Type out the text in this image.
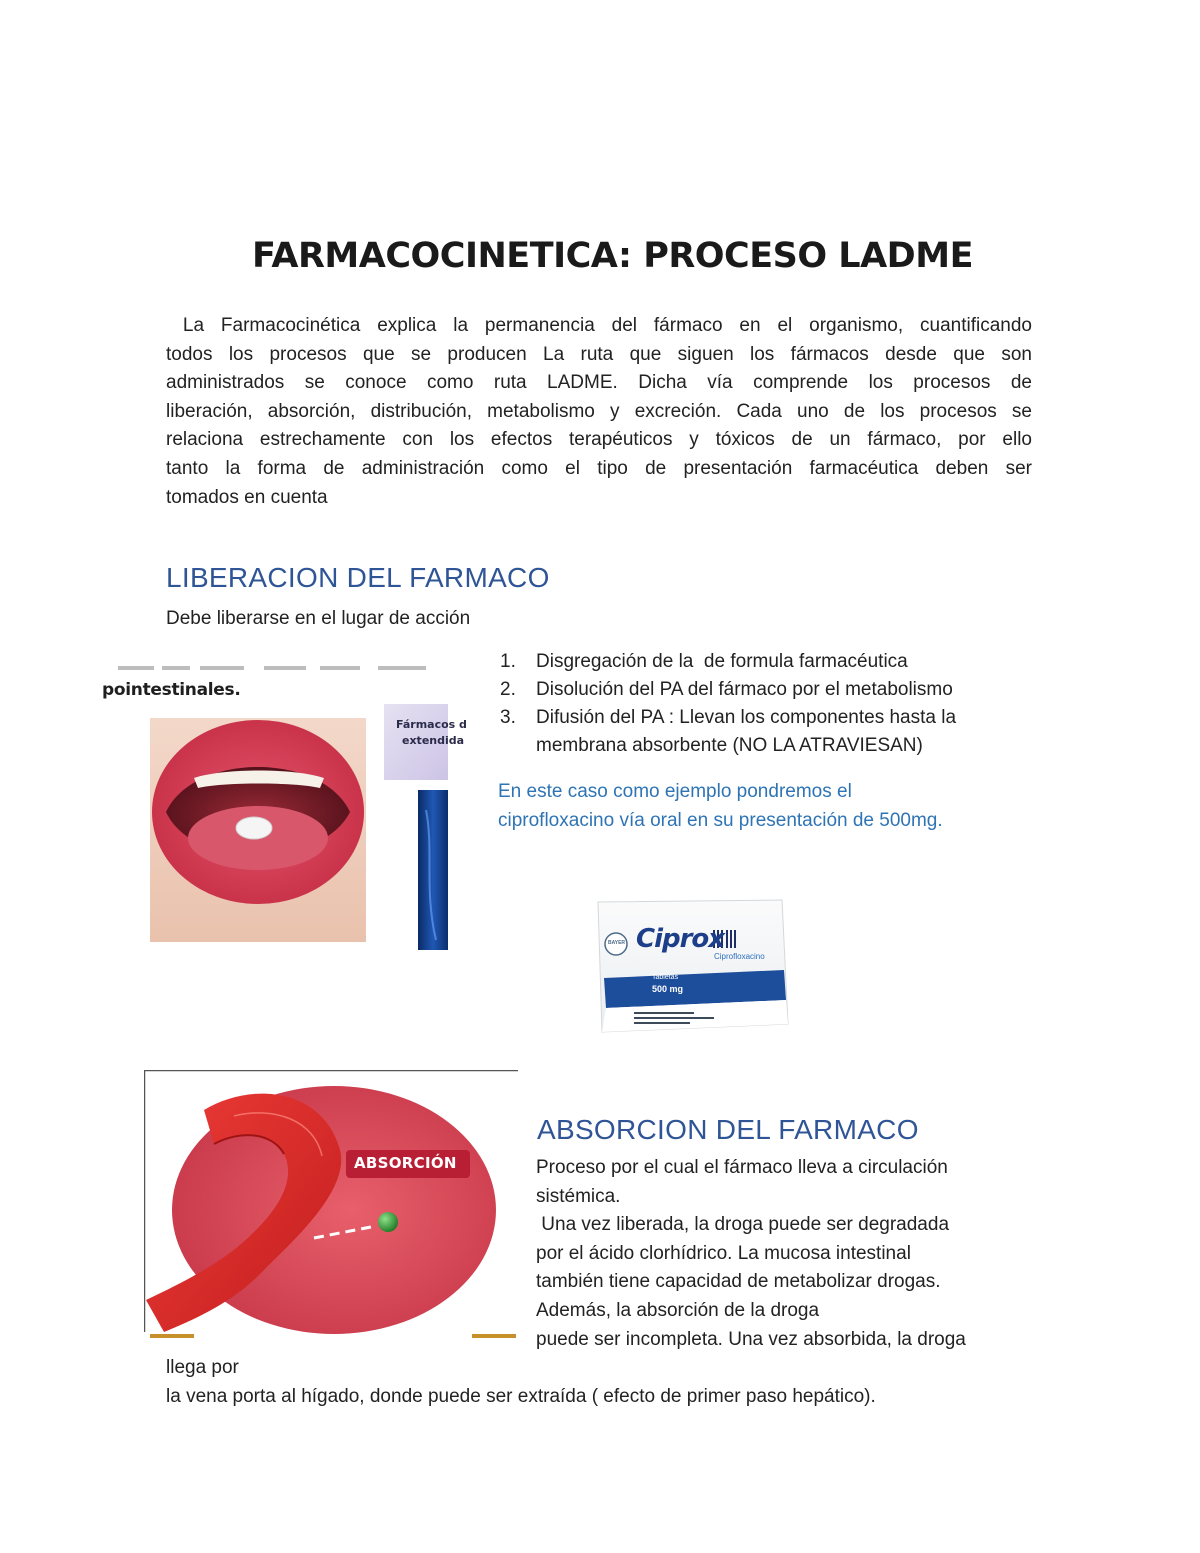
FARMACOCINETICA: PROCESO LADME
La Farmacocinética explica la permanencia del fármaco en el organismo, cuantificando
todos los procesos que se producen La ruta que siguen los fármacos desde que son
administrados se conoce como ruta LADME. Dicha vía comprende los procesos de
liberación, absorción, distribución, metabolismo y excreción. Cada uno de los procesos se
relaciona estrechamente con los efectos terapéuticos y tóxicos de un fármaco, por ello
tanto la forma de administración como el tipo de presentación farmacéutica deben ser
tomados en cuenta
LIBERACION DEL FARMACO

Debe liberarse en el lugar de acción

pointestinales.
Fármacos d
extendida
1. Disgregación de la  de formula farmacéutica
2. Disolución del PA del fármaco por el metabolismo
3. Difusión del PA : Llevan los componentes hasta la
membrana absorbente (NO LA ATRAVIESAN)
En este caso como ejemplo pondremos el
ciprofloxacino vía oral en su presentación de 500mg.
Ciprox
Ciprofloxacino
Tabletas
500 mg
BAYER
ABSORCIÓN
ABSORCION DEL FARMACO
Proceso por el cual el fármaco lleva a circulación
sistémica.
Una vez liberada, la droga puede ser degradada
por el ácido clorhídrico. La mucosa intestinal
también tiene capacidad de metabolizar drogas.
Además, la absorción de la droga
puede ser incompleta. Una vez absorbida, la droga

llega por

la vena porta al hígado, donde puede ser extraída ( efecto de primer paso hepático).
